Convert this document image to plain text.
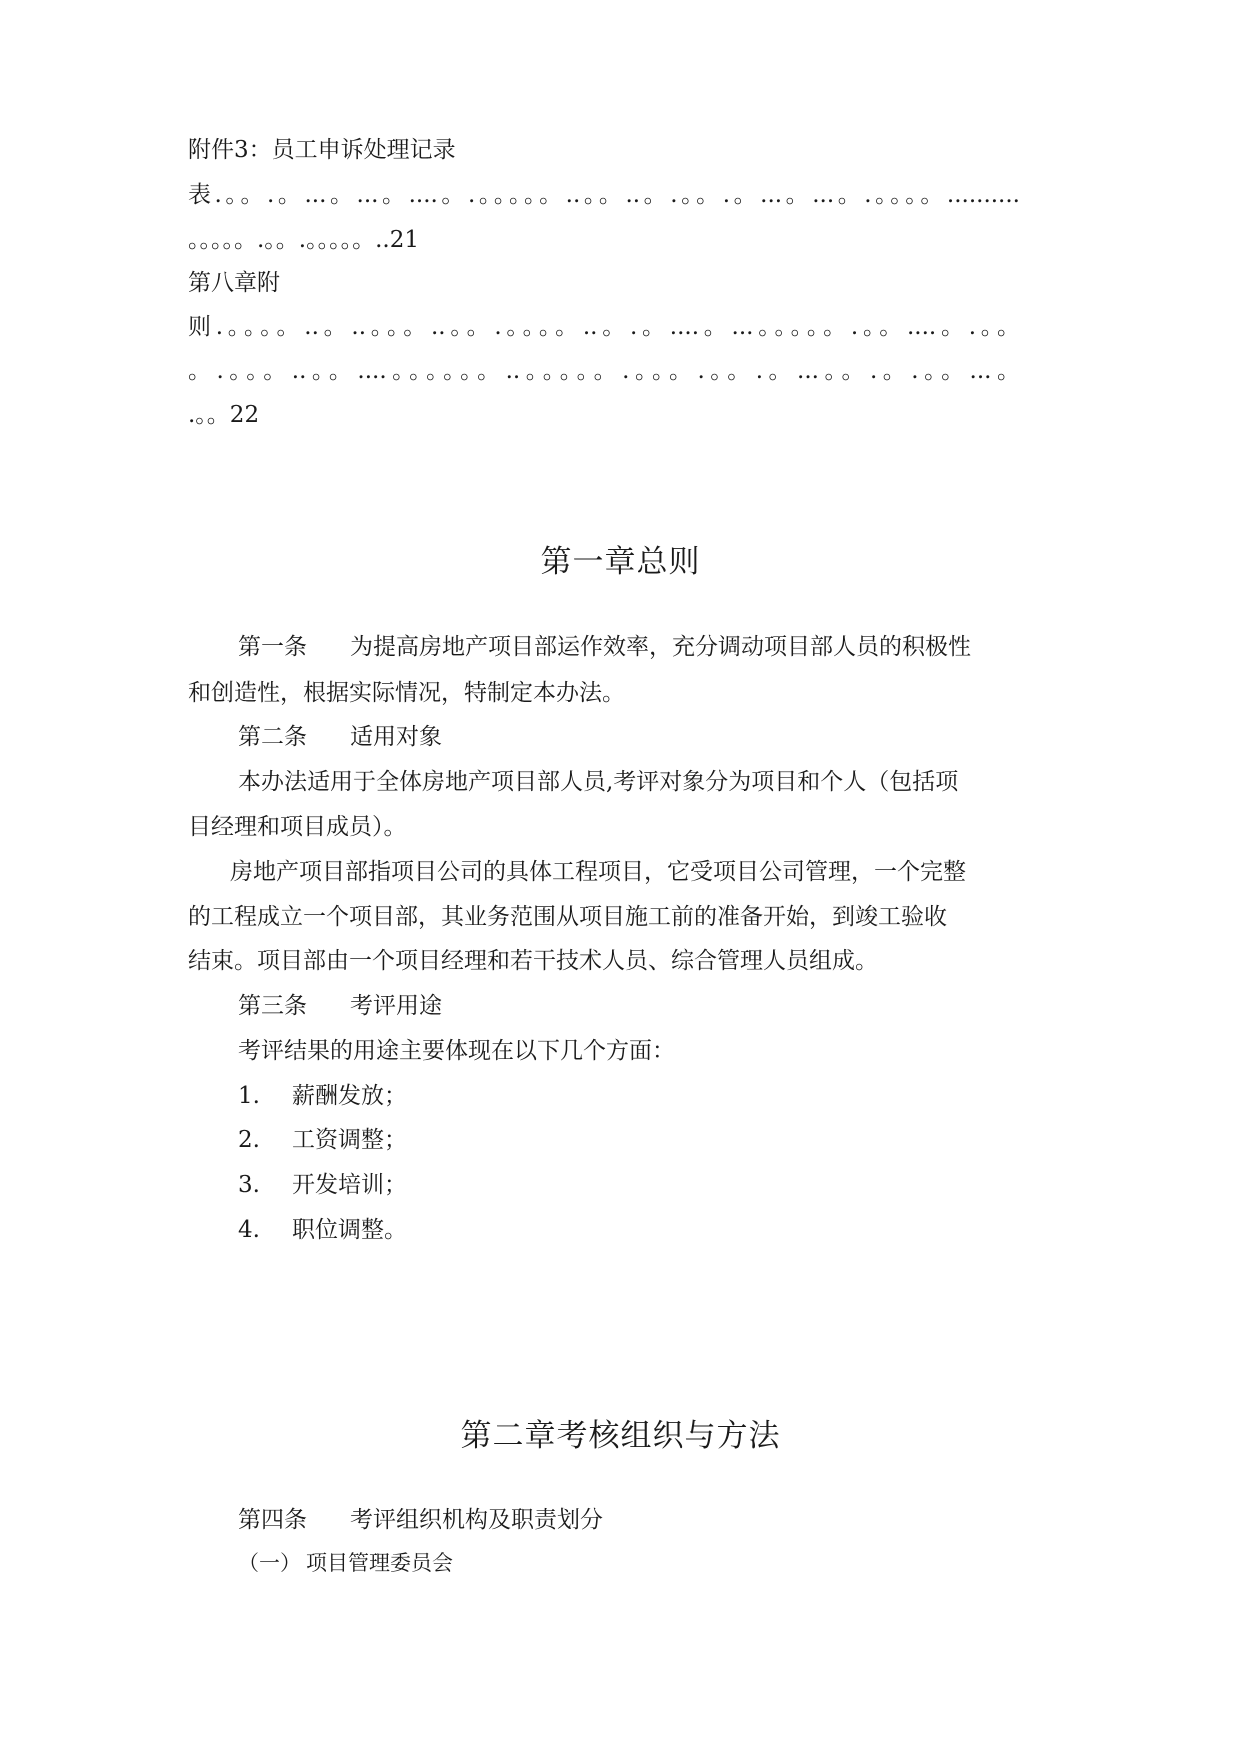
附件3：员工申诉处理记录
表.。。.。...。...。....。.。。。。。..。。..。.。。.。...。...。.。。。。..........
。。。。。.。。.。。。。。..21
第八章附
则.。。。。..。..。。。..。。.。。。。..。.。....。...。。。。。.。。....。.。。
。.。。。..。。....。。。。。。..。。。。。.。。。.。。.。...。。.。.。。...。
.。。22
第一章总则
第一条 为提高房地产项目部运作效率，充分调动项目部人员的积极性
和创造性，根据实际情况，特制定本办法。
第二条 适用对象
本办法适用于全体房地产项目部人员,考评对象分为项目和个人（包括项
目经理和项目成员）。
房地产项目部指项目公司的具体工程项目，它受项目公司管理，一个完整
的工程成立一个项目部，其业务范围从项目施工前的准备开始，到竣工验收
结束。项目部由一个项目经理和若干技术人员、综合管理人员组成。
第三条 考评用途
考评结果的用途主要体现在以下几个方面：
1. 薪酬发放；
2. 工资调整；
3. 开发培训；
4. 职位调整。
第二章考核组织与方法
第四条 考评组织机构及职责划分
（一） 项目管理委员会
